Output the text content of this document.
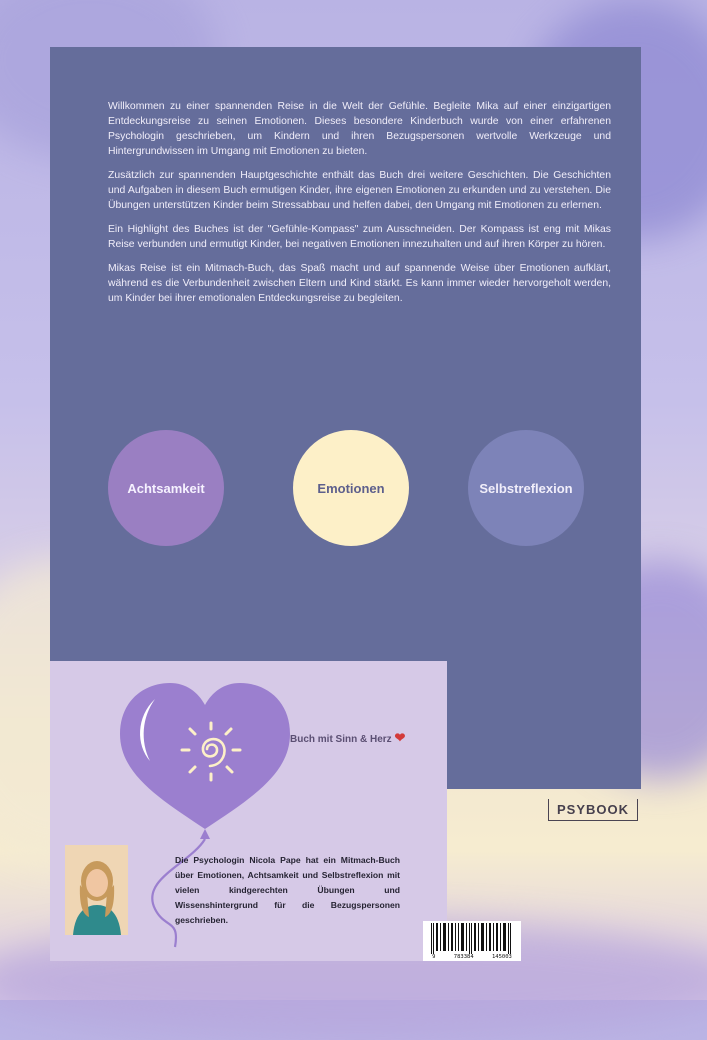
Willkommen zu einer spannenden Reise in die Welt der Gefühle. Begleite Mika auf einer einzigartigen Entdeckungsreise zu seinen Emotionen. Dieses besondere Kinderbuch wurde von einer erfahrenen Psychologin geschrieben, um Kindern und ihren Bezugspersonen wertvolle Werkzeuge und Hintergrundwissen im Umgang mit Emotionen zu bieten.

Zusätzlich zur spannenden Hauptgeschichte enthält das Buch drei weitere Geschichten. Die Geschichten und Aufgaben in diesem Buch ermutigen Kinder, ihre eigenen Emotionen zu erkunden und zu verstehen. Die Übungen unterstützen Kinder beim Stressabbau und helfen dabei, den Umgang mit Emotionen zu erlernen.

Ein Highlight des Buches ist der "Gefühle-Kompass" zum Ausschneiden. Der Kompass ist eng mit Mikas Reise verbunden und ermutigt Kinder, bei negativen Emotionen innezuhalten und auf ihren Körper zu hören.

Mikas Reise ist ein Mitmach-Buch, das Spaß macht und auf spannende Weise über Emotionen aufklärt, während es die Verbundenheit zwischen Eltern und Kind stärkt. Es kann immer wieder hervorgeholt werden, um Kinder bei ihrer emotionalen Entdeckungsreise zu begleiten.

Achtsamkeit	Emotionen	Selbstreflexion
Buch mit Sinn & Herz ❤
Die Psychologin Nicola Pape hat ein Mitmach-Buch über Emotionen, Achtsamkeit und Selbstreflexion mit vielen kindgerechten Übungen und Wissenshintergrund für die Bezugspersonen geschrieben.
PSYBOOK
9	783384	145003
